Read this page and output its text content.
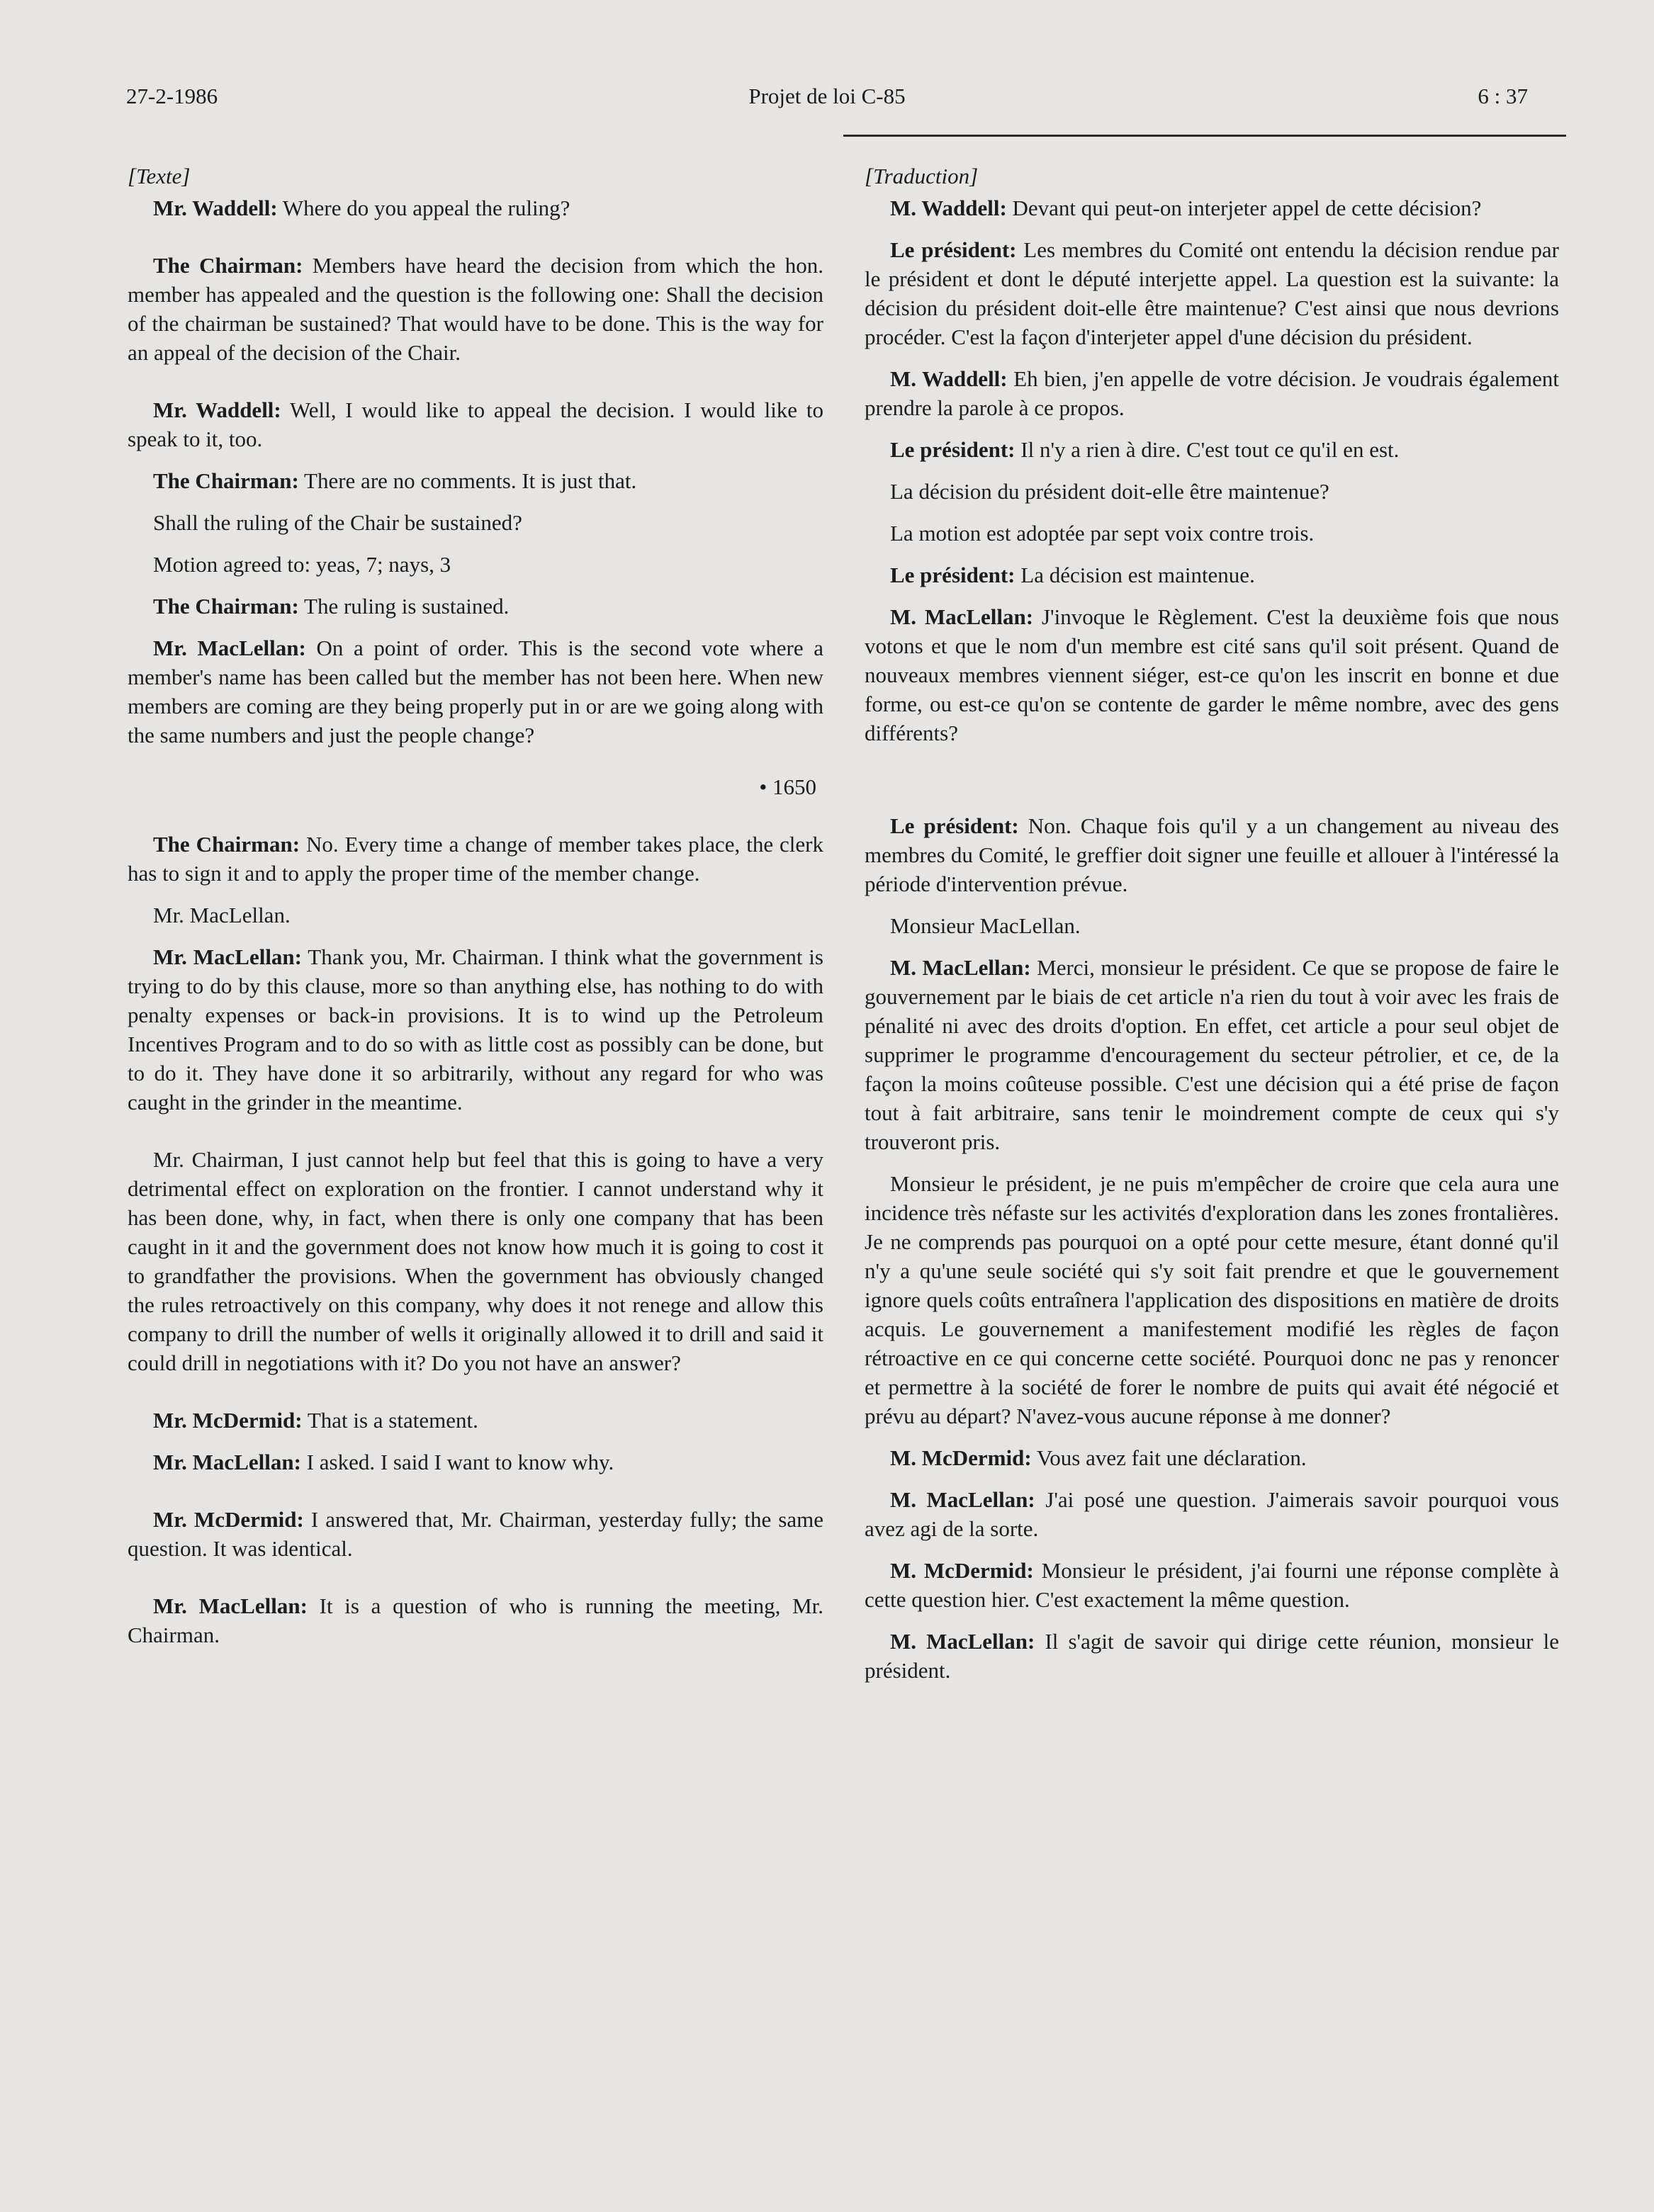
27-2-1986	Projet de loi C-85	6 : 37
[Texte]

Mr. Waddell: Where do you appeal the ruling?

The Chairman: Members have heard the decision from which the hon. member has appealed and the question is the following one: Shall the decision of the chairman be sustained? That would have to be done. This is the way for an appeal of the decision of the Chair.

Mr. Waddell: Well, I would like to appeal the decision. I would like to speak to it, too.

The Chairman: There are no comments. It is just that.

Shall the ruling of the Chair be sustained?

Motion agreed to: yeas, 7; nays, 3

The Chairman: The ruling is sustained.

Mr. MacLellan: On a point of order. This is the second vote where a member's name has been called but the member has not been here. When new members are coming are they being properly put in or are we going along with the same numbers and just the people change?

• 1650

The Chairman: No. Every time a change of member takes place, the clerk has to sign it and to apply the proper time of the member change.

Mr. MacLellan.

Mr. MacLellan: Thank you, Mr. Chairman. I think what the government is trying to do by this clause, more so than anything else, has nothing to do with penalty expenses or back-in provisions. It is to wind up the Petroleum Incentives Program and to do so with as little cost as possibly can be done, but to do it. They have done it so arbitrarily, without any regard for who was caught in the grinder in the meantime.

Mr. Chairman, I just cannot help but feel that this is going to have a very detrimental effect on exploration on the frontier. I cannot understand why it has been done, why, in fact, when there is only one company that has been caught in it and the government does not know how much it is going to cost it to grandfather the provisions. When the government has obviously changed the rules retroactively on this company, why does it not renege and allow this company to drill the number of wells it originally allowed it to drill and said it could drill in negotiations with it? Do you not have an answer?

Mr. McDermid: That is a statement.

Mr. MacLellan: I asked. I said I want to know why.

Mr. McDermid: I answered that, Mr. Chairman, yesterday fully; the same question. It was identical.

Mr. MacLellan: It is a question of who is running the meeting, Mr. Chairman.

[Traduction]

M. Waddell: Devant qui peut-on interjeter appel de cette décision?

Le président: Les membres du Comité ont entendu la décision rendue par le président et dont le député interjette appel. La question est la suivante: la décision du président doit-elle être maintenue? C'est ainsi que nous devrions procéder. C'est la façon d'interjeter appel d'une décision du président.

M. Waddell: Eh bien, j'en appelle de votre décision. Je voudrais également prendre la parole à ce propos.

Le président: Il n'y a rien à dire. C'est tout ce qu'il en est.

La décision du président doit-elle être maintenue?

La motion est adoptée par sept voix contre trois.

Le président: La décision est maintenue.

M. MacLellan: J'invoque le Règlement. C'est la deuxième fois que nous votons et que le nom d'un membre est cité sans qu'il soit présent. Quand de nouveaux membres viennent siéger, est-ce qu'on les inscrit en bonne et due forme, ou est-ce qu'on se contente de garder le même nombre, avec des gens différents?

Le président: Non. Chaque fois qu'il y a un changement au niveau des membres du Comité, le greffier doit signer une feuille et allouer à l'intéressé la période d'intervention prévue.

Monsieur MacLellan.

M. MacLellan: Merci, monsieur le président. Ce que se propose de faire le gouvernement par le biais de cet article n'a rien du tout à voir avec les frais de pénalité ni avec des droits d'option. En effet, cet article a pour seul objet de supprimer le programme d'encouragement du secteur pétrolier, et ce, de la façon la moins coûteuse possible. C'est une décision qui a été prise de façon tout à fait arbitraire, sans tenir le moindrement compte de ceux qui s'y trouveront pris.

Monsieur le président, je ne puis m'empêcher de croire que cela aura une incidence très néfaste sur les activités d'exploration dans les zones frontalières. Je ne comprends pas pourquoi on a opté pour cette mesure, étant donné qu'il n'y a qu'une seule société qui s'y soit fait prendre et que le gouvernement ignore quels coûts entraînera l'application des dispositions en matière de droits acquis. Le gouvernement a manifestement modifié les règles de façon rétroactive en ce qui concerne cette société. Pourquoi donc ne pas y renoncer et permettre à la société de forer le nombre de puits qui avait été négocié et prévu au départ? N'avez-vous aucune réponse à me donner?

M. McDermid: Vous avez fait une déclaration.

M. MacLellan: J'ai posé une question. J'aimerais savoir pourquoi vous avez agi de la sorte.

M. McDermid: Monsieur le président, j'ai fourni une réponse complète à cette question hier. C'est exactement la même question.

M. MacLellan: Il s'agit de savoir qui dirige cette réunion, monsieur le président.
